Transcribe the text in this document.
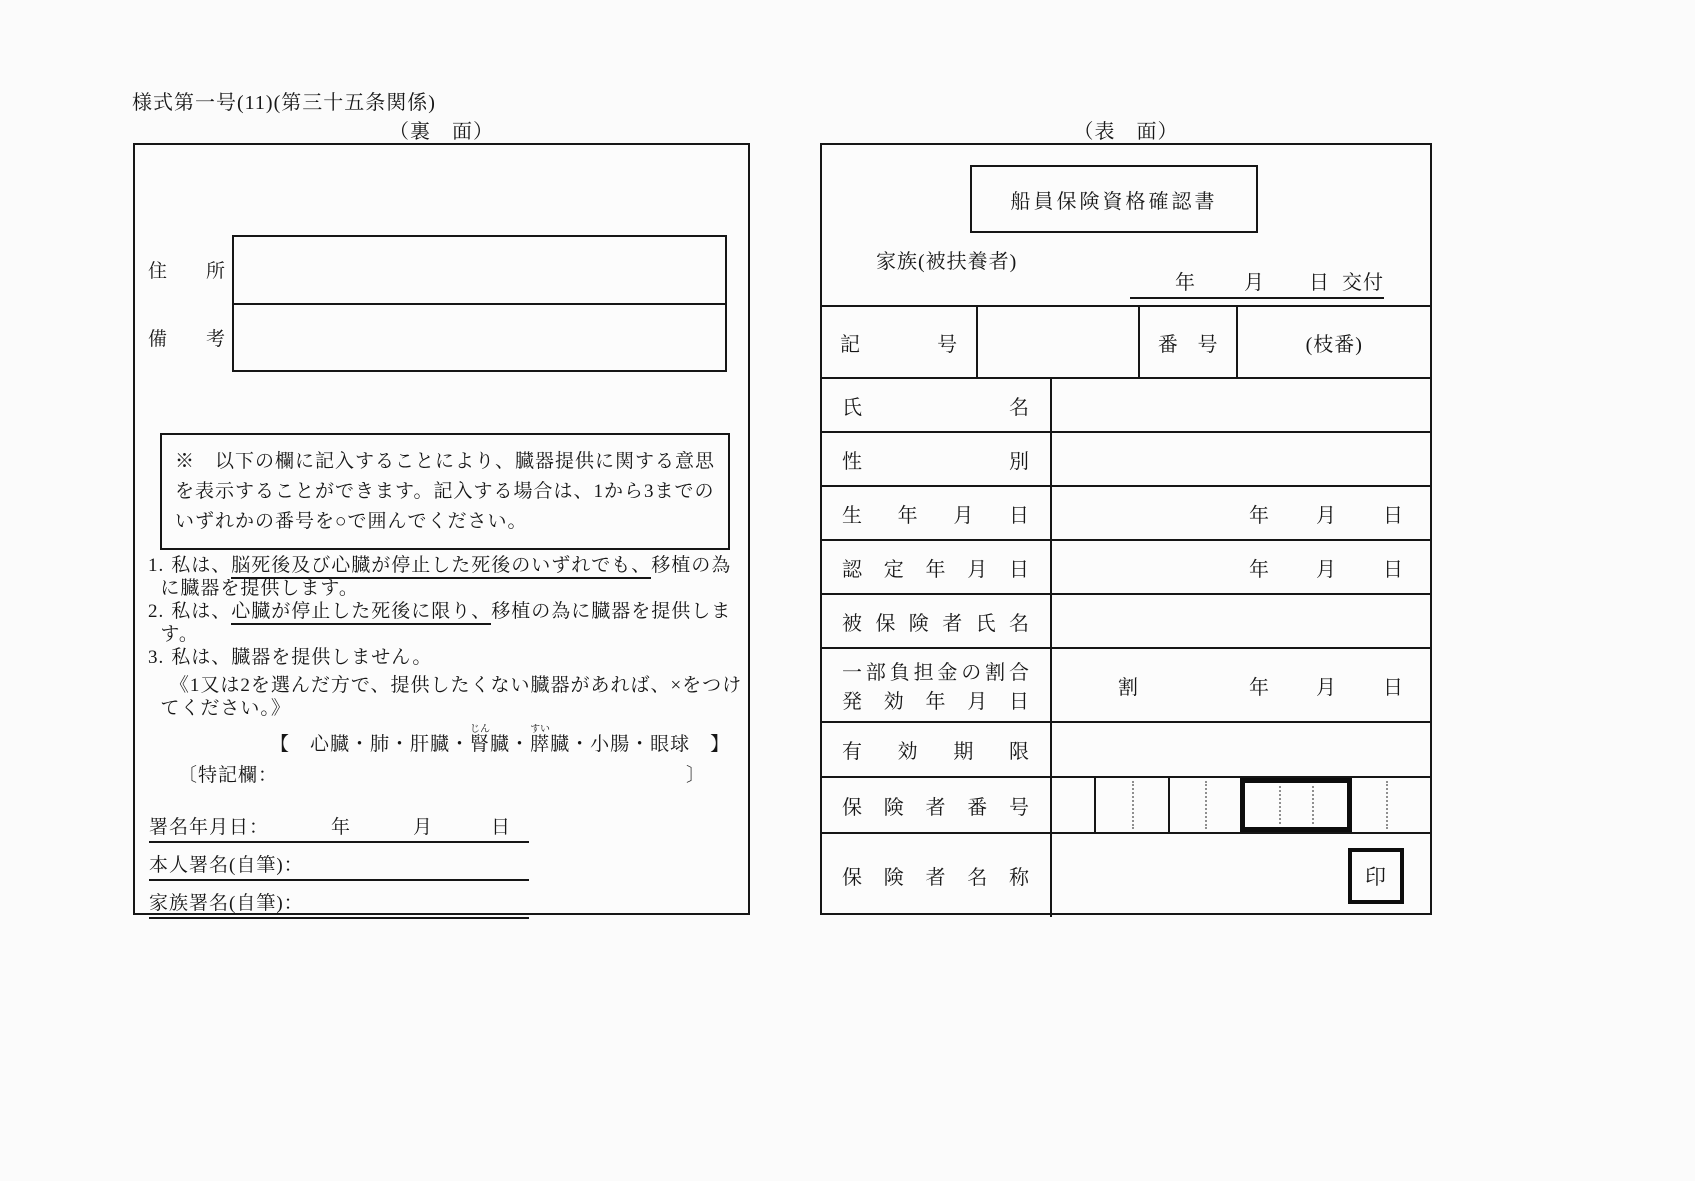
様式第一号(11)(第三十五条関係)
（裏　面）	（表　面）
住所
備考

※　以下の欄に記入することにより、臓器提供に関する意思を表示することができます。記入する場合は、1から3までのいずれかの番号を○で囲んでください。

1. 私は、脳死後及び心臓が停止した死後のいずれでも、移植の為に臓器を提供します。

2. 私は、心臓が停止した死後に限り、移植の為に臓器を提供します。

3. 私は、臓器を提供しません。

《1又は2を選んだ方で、提供したくない臓器があれば、×をつけてください。》

【　心臓・肺・肝臓・腎じん臓・膵すい臓・小腸・眼球　】

〔特記欄：	〕

署名年月日：	年	月	日
本人署名(自筆)：
家族署名(自筆)：
船員保険資格確認書
家族(被扶養者)
年 月 日 交付
記号	番号	(枝番)
氏名
性別
生年月日	年 月 日
認定年月日	年 月 日
被保険者氏名
一部負担金の割合
発効年月日
割	年 月 日
有効期限
保険者番号
保険者名称	印
